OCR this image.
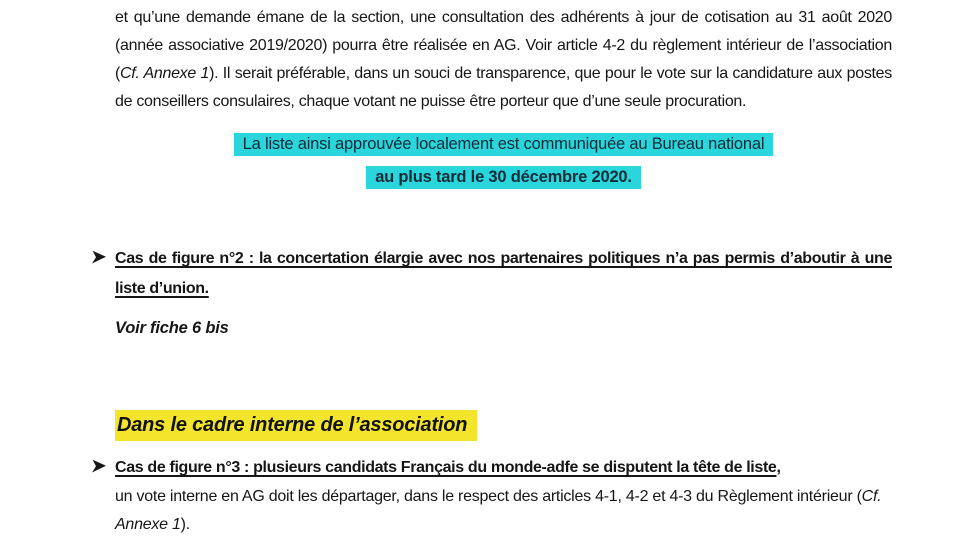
et qu’une demande émane de la section, une consultation des adhérents à jour de cotisation au 31 août 2020 (année associative 2019/2020) pourra être réalisée en AG. Voir article 4-2 du règlement intérieur de l’association (Cf. Annexe 1). Il serait préférable, dans un souci de transparence, que pour le vote sur la candidature aux postes de conseillers consulaires, chaque votant ne puisse être porteur que d’une seule procuration.

La liste ainsi approuvée localement est communiquée au Bureau national
au plus tard le 30 décembre 2020.

Cas de figure n°2 : la concertation élargie avec nos partenaires politiques n’a pas permis d’aboutir à une liste d’union.

Voir fiche 6 bis

Dans le cadre interne de l’association

Cas de figure n°3 : plusieurs candidats Français du monde-adfe se disputent la tête de liste,

un vote interne en AG doit les départager, dans le respect des articles 4-1, 4-2 et 4-3 du Règlement intérieur (Cf. Annexe 1).
